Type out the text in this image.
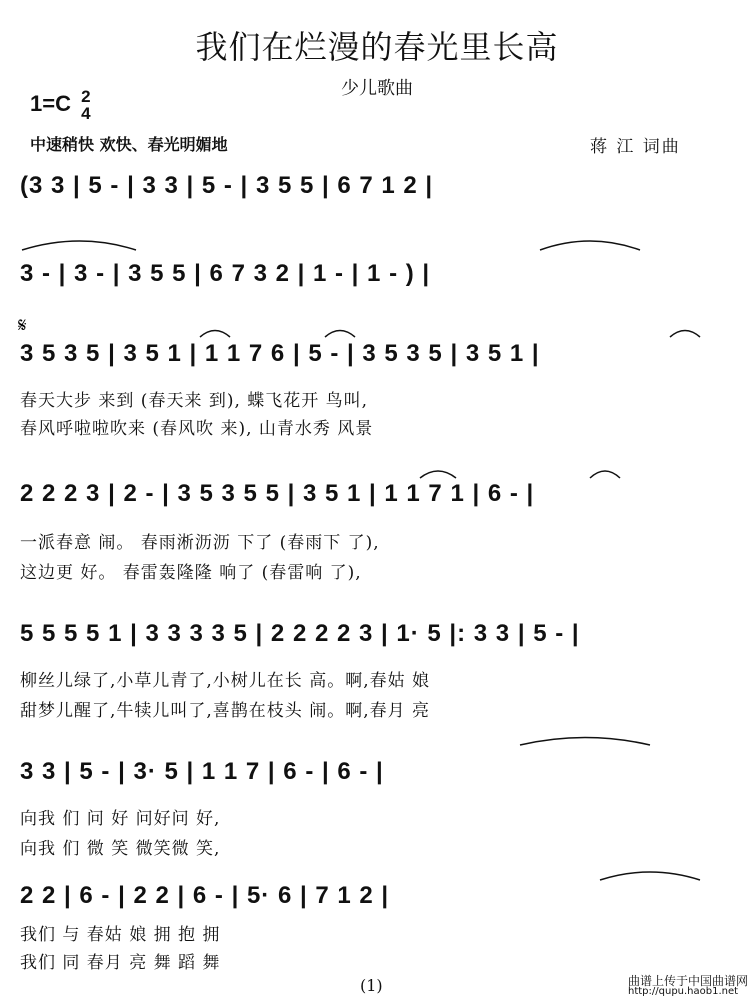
我们在烂漫的春光里长高
少儿歌曲
1=C 2
4
中速稍快 欢快、春光明媚地	蒋 江 词曲
(3 3 | 5 - | 3 3 | 5 - | 3 5 5 | 6 7 1 2 |
3 - | 3 - | 3 5 5 | 6 7 3 2 | 1 - | 1 - ) |
3 5 3 5 | 3 5 1 | 1 1 7 6 | 5 - | 3 5 3 5 | 3 5 1 |
春天大步 来到 (春天来 到), 蝶飞花开 鸟叫,
春风呼啦啦吹来 (春风吹 来), 山青水秀 风景
2 2 2 3 | 2 - | 3 5 3 5 5 | 3 5 1 | 1 1 7 1 | 6 - |
一派春意 闹。 春雨淅沥沥 下了 (春雨下 了),
这边更 好。 春雷轰隆隆 响了 (春雷响 了),
5 5 5 5 1 | 3 3 3 3 5 | 2 2 2 2 3 | 1· 5 |: 3 3 | 5 - |
柳丝儿绿了,小草儿青了,小树儿在长 高。啊,春姑 娘
甜梦儿醒了,牛犊儿叫了,喜鹊在枝头 闹。啊,春月 亮
3 3 | 5 - | 3· 5 | 1 1 7 | 6 - | 6 - |
向我 们 问 好 问好问 好,
向我 们 微 笑 微笑微 笑,
2 2 | 6 - | 2 2 | 6 - | 5· 6 | 7 1 2 |
我们 与 春姑 娘 拥 抱 拥
我们 同 春月 亮 舞 蹈 舞
𝄋
(1)	曲谱上传于中国曲谱网
http://qupu.haob1.net
